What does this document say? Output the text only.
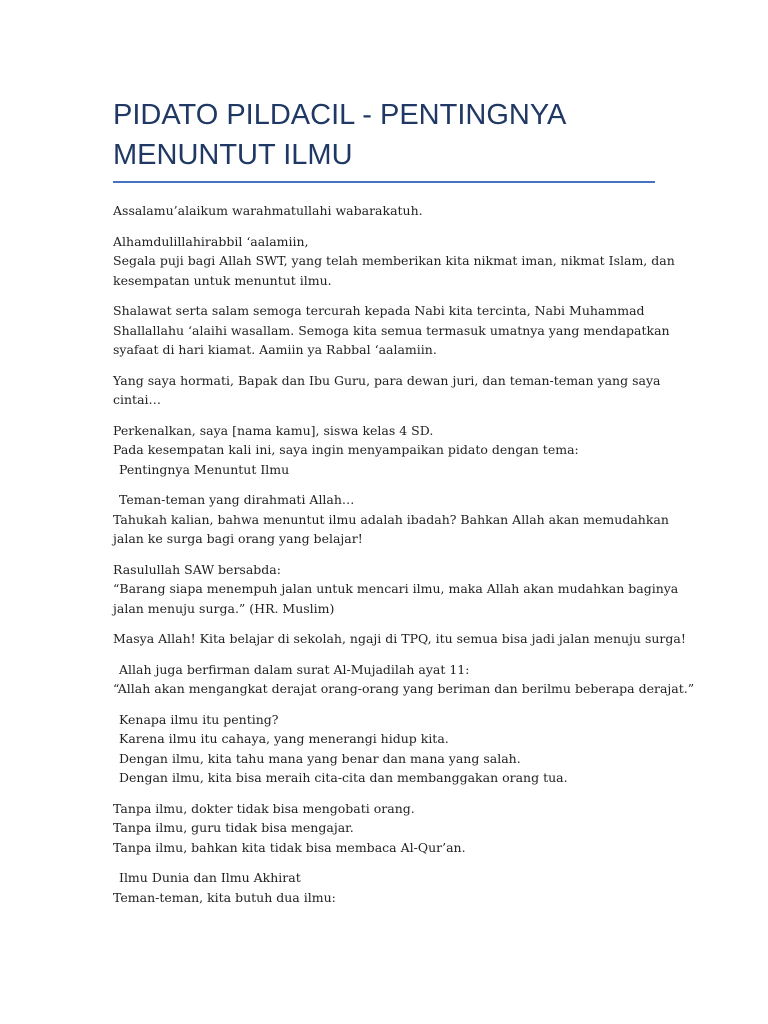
PIDATO PILDACIL - PENTINGNYA
MENUNTUT ILMU
Assalamu’alaikum warahmatullahi wabarakatuh.
Alhamdulillahirabbil ‘aalamiin,
Segala puji bagi Allah SWT, yang telah memberikan kita nikmat iman, nikmat Islam, dan
kesempatan untuk menuntut ilmu.
Shalawat serta salam semoga tercurah kepada Nabi kita tercinta, Nabi Muhammad
Shallallahu ‘alaihi wasallam. Semoga kita semua termasuk umatnya yang mendapatkan
syafaat di hari kiamat. Aamiin ya Rabbal ‘aalamiin.
Yang saya hormati, Bapak dan Ibu Guru, para dewan juri, dan teman-teman yang saya
cintai…
Perkenalkan, saya [nama kamu], siswa kelas 4 SD.
Pada kesempatan kali ini, saya ingin menyampaikan pidato dengan tema:
Pentingnya Menuntut Ilmu
Teman-teman yang dirahmati Allah…
Tahukah kalian, bahwa menuntut ilmu adalah ibadah? Bahkan Allah akan memudahkan
jalan ke surga bagi orang yang belajar!
Rasulullah SAW bersabda:
“Barang siapa menempuh jalan untuk mencari ilmu, maka Allah akan mudahkan baginya
jalan menuju surga.” (HR. Muslim)
Masya Allah! Kita belajar di sekolah, ngaji di TPQ, itu semua bisa jadi jalan menuju surga!
Allah juga berfirman dalam surat Al-Mujadilah ayat 11:
“Allah akan mengangkat derajat orang-orang yang beriman dan berilmu beberapa derajat.”
Kenapa ilmu itu penting?
Karena ilmu itu cahaya, yang menerangi hidup kita.
Dengan ilmu, kita tahu mana yang benar dan mana yang salah.
Dengan ilmu, kita bisa meraih cita-cita dan membanggakan orang tua.
Tanpa ilmu, dokter tidak bisa mengobati orang.
Tanpa ilmu, guru tidak bisa mengajar.
Tanpa ilmu, bahkan kita tidak bisa membaca Al-Qur’an.
Ilmu Dunia dan Ilmu Akhirat
Teman-teman, kita butuh dua ilmu:
